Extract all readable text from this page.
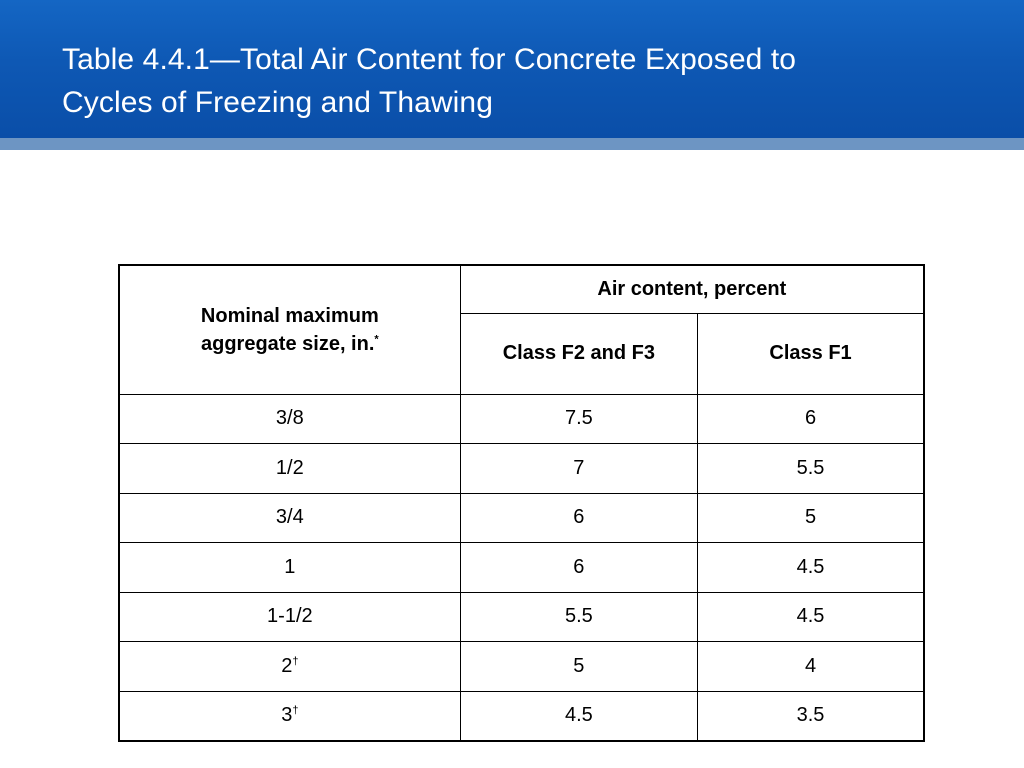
Table 4.4.1—Total Air Content for Concrete Exposed to
Cycles of Freezing and Thawing
Nominal maximum
aggregate size, in.*	Air content, percent	
	Class F2 and F3	Class F1
3/8	7.5	6
1/2	7	5.5
3/4	6	5
1	6	4.5
1-1/2	5.5	4.5
2†	5	4
3†	4.5	3.5
